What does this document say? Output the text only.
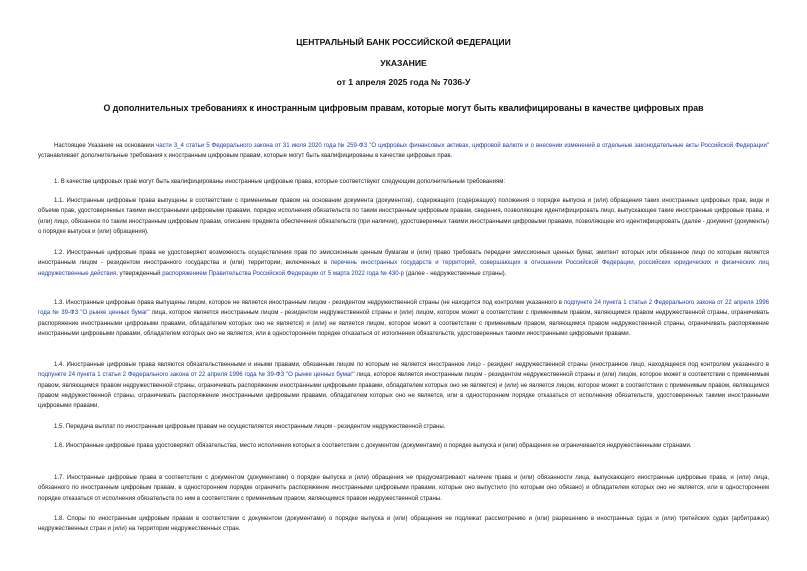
ЦЕНТРАЛЬНЫЙ БАНК РОССИЙСКОЙ ФЕДЕРАЦИИ
УКАЗАНИЕ
от 1 апреля 2025 года № 7036-У
О дополнительных требованиях к иностранным цифровым правам, которые могут быть квалифицированы в качестве цифровых прав

Настоящее Указание на основании части 3_4 статьи 5 Федерального закона от 31 июля 2020 года № 259-ФЗ "О цифровых финансовых активах, цифровой валюте и о внесении изменений в отдельные законодательные акты Российской Федерации" устанавливает дополнительные требования к иностранным цифровым правам, которые могут быть квалифицированы в качестве цифровых прав.

1. В качестве цифровых прав могут быть квалифицированы иностранные цифровые права, которые соответствуют следующим дополнительным требованиям:

1.1. Иностранные цифровые права выпущены в соответствии с применимым правом на основании документа (документов), содержащего (содержащих) положения о порядке выпуска и (или) обращения таких иностранных цифровых прав, виде и объеме прав, удостоверяемых такими иностранными цифровыми правами, порядке исполнения обязательств по таким иностранным цифровым правам, сведения, позволяющие идентифицировать лицо, выпускающее такие иностранные цифровые права, и (или) лицо, обязанное по таким иностранным цифровым правам, описание предмета обеспечения обязательств (при наличии), удостоверенных такими иностранными цифровыми правами, позволяющее его идентифицировать (далее - документ (документы) о порядке выпуска и (или) обращения).

1.2. Иностранные цифровые права не удостоверяют возможность осуществления прав по эмиссионным ценным бумагам и (или) право требовать передачи эмиссионных ценных бумаг, эмитент которых или обязанное лицо по которым является иностранным лицом - резидентом иностранного государства и (или) территории, включенных в перечень иностранных государств и территорий, совершающих в отношении Российской Федерации, российских юридических и физических лиц недружественные действия, утвержденный распоряжением Правительства Российской Федерации от 5 марта 2022 года № 430-р (далее - недружественные страны).

1.3. Иностранные цифровые права выпущены лицом, которое не является иностранным лицом - резидентом недружественной страны (не находится под контролем указанного в подпункте 24 пункта 1 статьи 2 Федерального закона от 22 апреля 1996 года № 39-ФЗ "О рынке ценных бумаг" лица, которое является иностранным лицом - резидентом недружественной страны и (или) лицом, которое может в соответствии с применимым правом, являющимся правом недружественной страны, ограничивать распоряжение иностранными цифровыми правами, обладателем которых оно не является) и (или) не является лицом, которое может в соответствии с применимым правом, являющимся правом недружественной страны, ограничивать распоряжение иностранными цифровыми правами, обладателем которых оно не является, или в одностороннем порядке отказаться от исполнения обязательств, удостоверенных такими иностранными цифровыми правами.

1.4. Иностранные цифровые права являются обязательственными и иными правами, обязанным лицом по которым не является иностранное лицо - резидент недружественной страны (иностранное лицо, находящееся под контролем указанного в подпункте 24 пункта 1 статьи 2 Федерального закона от 22 апреля 1996 года № 39-ФЗ "О рынке ценных бумаг" лица, которое является иностранным лицом - резидентом недружественной страны и (или) лицом, которое может в соответствии с применимым правом, являющимся правом недружественной страны, ограничивать распоряжение иностранными цифровыми правами, обладателем которых оно не является) и (или) не является лицом, которое может в соответствии с применимым правом, являющимся правом недружественной страны, ограничивать распоряжение иностранными цифровыми правами, обладателем которых оно не является, или в одностороннем порядке отказаться от исполнения обязательств, удостоверенных такими иностранными цифровыми правами.

1.5. Передача выплат по иностранным цифровым правам не осуществляется иностранным лицом - резидентом недружественной страны.

1.6. Иностранные цифровые права удостоверяют обязательства, место исполнения которых в соответствии с документом (документами) о порядке выпуска и (или) обращения не ограничивается недружественными странами.

1.7. Иностранные цифровые права в соответствии с документом (документами) о порядке выпуска и (или) обращения не предусматривают наличие права и (или) обязанности лица, выпускающего иностранные цифровые права, и (или) лица, обязанного по иностранным цифровым правам, в одностороннем порядке ограничить распоряжение иностранными цифровыми правами, которые оно выпустило (по которым оно обязано) и обладателем которых оно не является, или в одностороннем порядке отказаться от исполнения обязательств по ним в соответствии с применимым правом, являющимся правом недружественной страны.

1.8. Споры по иностранным цифровым правам в соответствии с документом (документами) о порядке выпуска и (или) обращения не подлежат рассмотрению и (или) разрешению в иностранных судах и (или) третейских судах (арбитражах) недружественных стран и (или) на территории недружественных стран.
